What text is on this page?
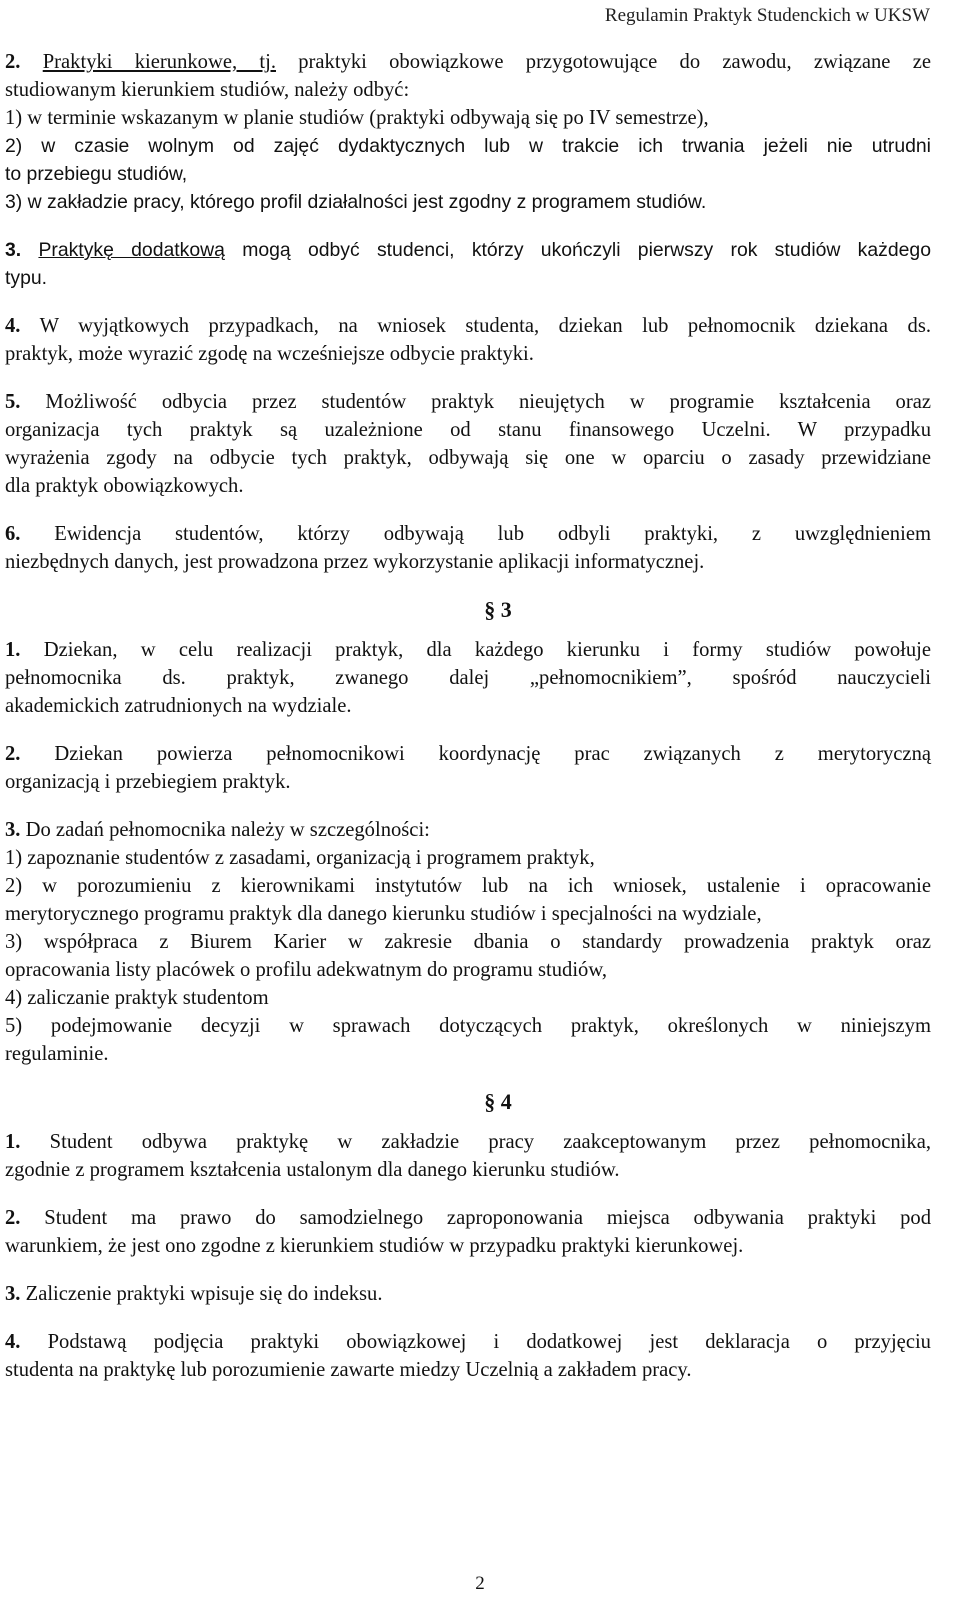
Regulamin Praktyk Studenckich w UKSW
2. Praktyki kierunkowe, tj. praktyki obowiązkowe przygotowujące do zawodu, związane ze
studiowanym kierunkiem studiów, należy odbyć:
1) w terminie wskazanym w planie studiów (praktyki odbywają się po IV semestrze),
2) w czasie wolnym od zajęć dydaktycznych lub w trakcie ich trwania jeżeli nie utrudni
to przebiegu studiów,
3) w zakładzie pracy, którego profil działalności jest zgodny z programem studiów.
3. Praktykę dodatkową mogą odbyć studenci, którzy ukończyli pierwszy rok studiów każdego
typu.
4. W wyjątkowych przypadkach, na wniosek studenta, dziekan lub pełnomocnik dziekana ds.
praktyk, może wyrazić zgodę na wcześniejsze odbycie praktyki.
5. Możliwość odbycia przez studentów praktyk nieujętych w programie kształcenia oraz
organizacja tych praktyk są uzależnione od stanu finansowego Uczelni. W przypadku
wyrażenia zgody na odbycie tych praktyk, odbywają się one w oparciu o zasady przewidziane
dla praktyk obowiązkowych.
6. Ewidencja studentów, którzy odbywają lub odbyli praktyki, z uwzględnieniem
niezbędnych danych, jest prowadzona przez wykorzystanie aplikacji informatycznej.
§ 3
1. Dziekan, w celu realizacji praktyk, dla każdego kierunku i formy studiów powołuje
pełnomocnika ds. praktyk, zwanego dalej „pełnomocnikiem”, spośród nauczycieli
akademickich zatrudnionych na wydziale.
2. Dziekan powierza pełnomocnikowi koordynację prac związanych z merytoryczną
organizacją i przebiegiem praktyk.
3. Do zadań pełnomocnika należy w szczególności:
1) zapoznanie studentów z zasadami, organizacją i programem praktyk,
2) w porozumieniu z kierownikami instytutów lub na ich wniosek, ustalenie i opracowanie
merytorycznego programu praktyk dla danego kierunku studiów i specjalności na wydziale,
3) współpraca z Biurem Karier w zakresie dbania o standardy prowadzenia praktyk oraz
opracowania listy placówek o profilu adekwatnym do programu studiów,
4) zaliczanie praktyk studentom
5) podejmowanie decyzji w sprawach dotyczących praktyk, określonych w niniejszym
regulaminie.
§ 4
1. Student odbywa praktykę w zakładzie pracy zaakceptowanym przez pełnomocnika,
zgodnie z programem kształcenia ustalonym dla danego kierunku studiów.
2. Student ma prawo do samodzielnego zaproponowania miejsca odbywania praktyki pod
warunkiem, że jest ono zgodne z kierunkiem studiów w przypadku praktyki kierunkowej.
3. Zaliczenie praktyki wpisuje się do indeksu.
4. Podstawą podjęcia praktyki obowiązkowej i dodatkowej jest deklaracja o przyjęciu
studenta na praktykę lub porozumienie zawarte miedzy Uczelnią a zakładem pracy.
2
